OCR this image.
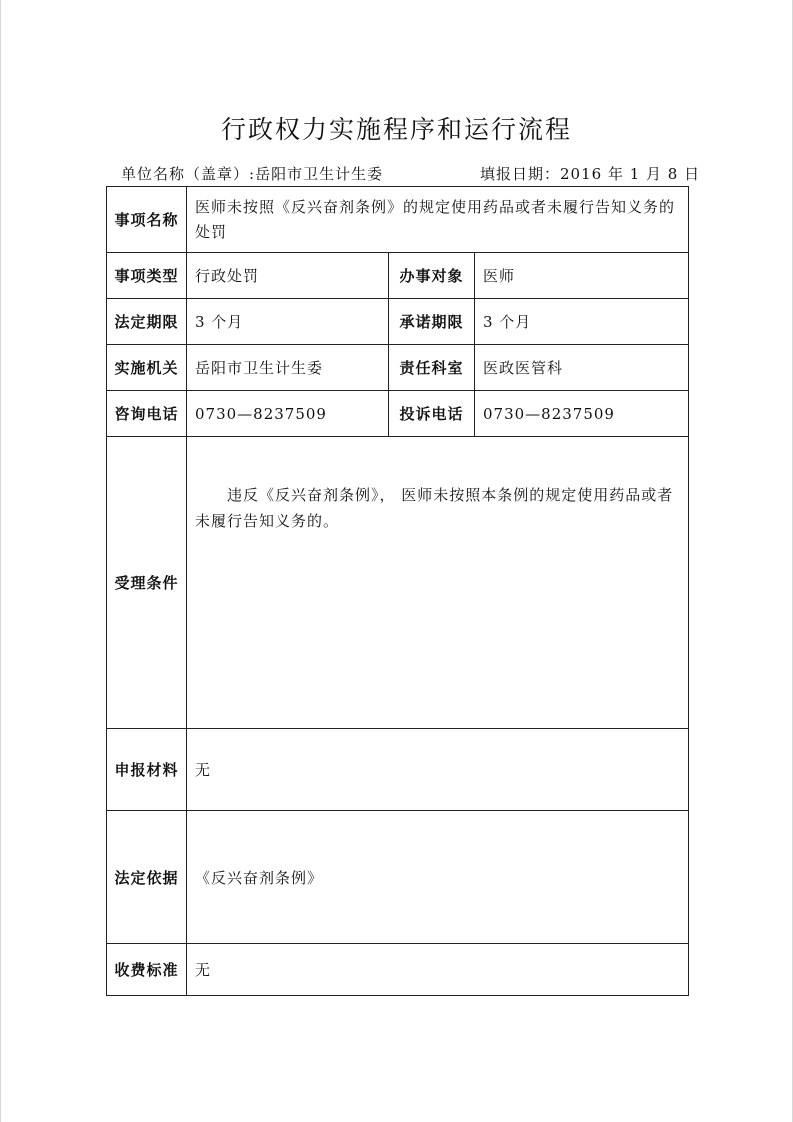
行政权力实施程序和运行流程
单位名称（盖章）:岳阳市卫生计生委	填报日期：2016 年 1 月 8 日
事项名称	医师未按照《反兴奋剂条例》的规定使用药品或者未履行告知义务的处罚		
事项类型	行政处罚	办事对象	医师
法定期限	3 个月	承诺期限	3 个月
实施机关	岳阳市卫生计生委	责任科室	医政医管科
咨询电话	0730—8237509	投诉电话	0730—8237509
受理条件	违反《反兴奋剂条例》， 医师未按照本条例的规定使用药品或者未履行告知义务的。		
申报材料	无		
法定依据	《反兴奋剂条例》		
收费标准	无		
